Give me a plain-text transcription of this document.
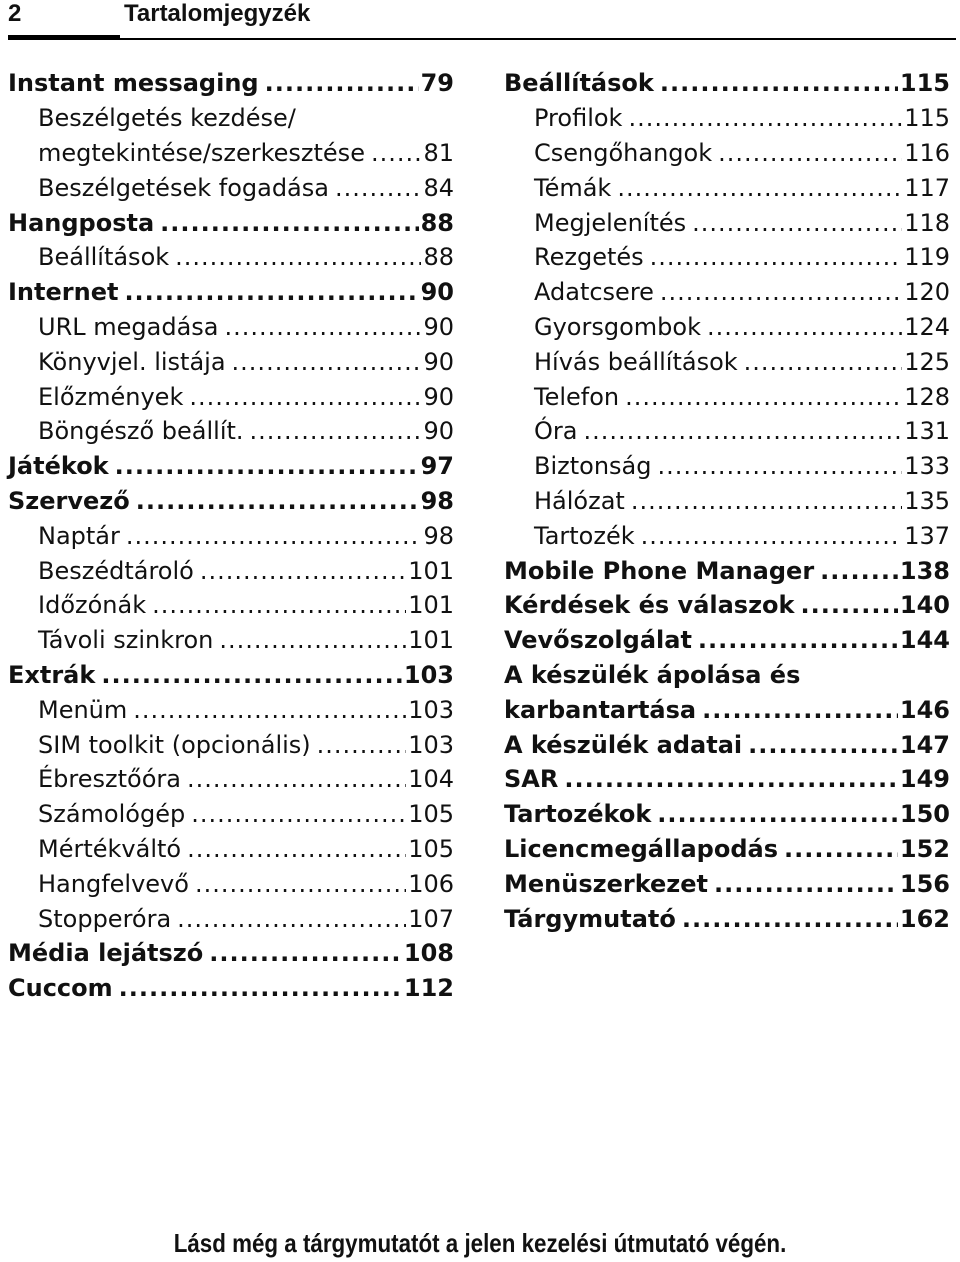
2	Tartalomjegyzék
Instant messaging .....	79
Beszélgetés kezdése/
megtekintése/szerkesztése ..... 81
Beszélgetések fogadása .....	84
Hangposta .....	88
Beállítások .....	88
Internet .....	90
URL megadása .....	90
Könyvjel. listája .....	90
Előzmények .....	90
Böngésző beállít. .....	90
Játékok .....	97
Szervező .....	98
Naptár .....	98
Beszédtároló .....	101
Időzónák .....	101
Távoli szinkron .....	101
Extrák .....	103
Menüm .....	103
SIM toolkit (opcionális) .....	103
Ébresztőóra .....	104
Számológép .....	105
Mértékváltó .....	105
Hangfelvevő .....	106
Stopperóra .....	107
Média lejátszó .....	108
Cuccom .....	112
Beállítások .....	115
Profilok .....	115
Csengőhangok .....	116
Témák .....	117
Megjelenítés .....	118
Rezgetés .....	119
Adatcsere .....	120
Gyorsgombok .....	124
Hívás beállítások .....	125
Telefon .....	128
Óra .....	131
Biztonság .....	133
Hálózat .....	135
Tartozék .....	137
Mobile Phone Manager .....	138
Kérdések és válaszok .....	140
Vevőszolgálat .....	144
A készülék ápolása és
karbantartása .....	146
A készülék adatai .....	147
SAR .....	149
Tartozékok .....	150
Licencmegállapodás .....	152
Menüszerkezet .....	156
Tárgymutató .....	162
Lásd még a tárgymutatót a jelen kezelési útmutató végén.
